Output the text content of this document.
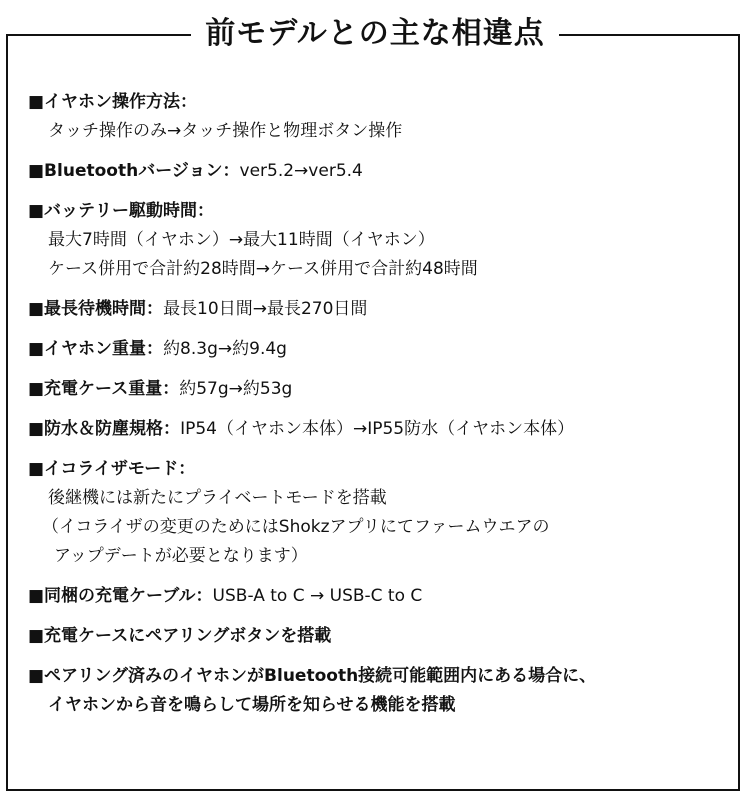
前モデルとの主な相違点
■イヤホン操作方法：
タッチ操作のみ→タッチ操作と物理ボタン操作
■Bluetoothバージョン：ver5.2→ver5.4
■バッテリー駆動時間：
最大7時間（イヤホン）→最大11時間（イヤホン）
ケース併用で合計約28時間→ケース併用で合計約48時間
■最長待機時間：最長10日間→最長270日間
■イヤホン重量：約8.3g→約9.4g
■充電ケース重量：約57g→約53g
■防水＆防塵規格：IP54（イヤホン本体）→IP55防水（イヤホン本体）
■イコライザモード：
後継機には新たにプライベートモードを搭載
（イコライザの変更のためにはShokzアプリにてファームウエアの
アップデートが必要となります）
■同梱の充電ケーブル：USB-A to C → USB-C to C
■充電ケースにペアリングボタンを搭載
■ペアリング済みのイヤホンがBluetooth接続可能範囲内にある場合に、
イヤホンから音を鳴らして場所を知らせる機能を搭載
